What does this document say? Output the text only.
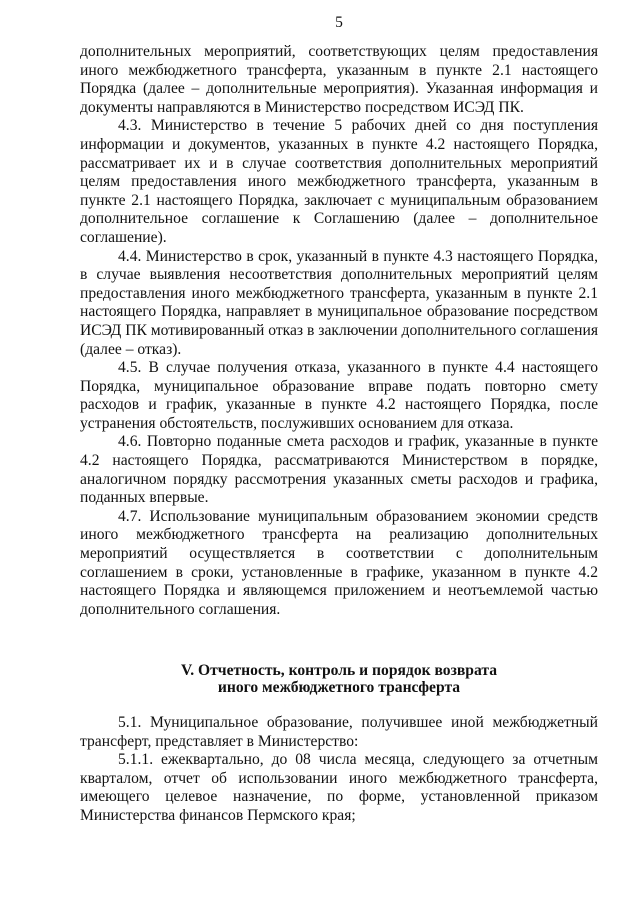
5

дополнительных мероприятий, соответствующих целям предоставления иного межбюджетного трансферта, указанным в пункте 2.1 настоящего Порядка (далее – дополнительные мероприятия). Указанная информация и документы направляются в Министерство посредством ИСЭД ПК.

4.3. Министерство в течение 5 рабочих дней со дня поступления информации и документов, указанных в пункте 4.2 настоящего Порядка, рассматривает их и в случае соответствия дополнительных мероприятий целям предоставления иного межбюджетного трансферта, указанным в пункте 2.1 настоящего Порядка, заключает с муниципальным образованием дополнительное соглашение к Соглашению (далее – дополнительное соглашение).

4.4. Министерство в срок, указанный в пункте 4.3 настоящего Порядка, в случае выявления несоответствия дополнительных мероприятий целям предоставления иного межбюджетного трансферта, указанным в пункте 2.1 настоящего Порядка, направляет в муниципальное образование посредством ИСЭД ПК мотивированный отказ в заключении дополнительного соглашения (далее – отказ).

4.5. В случае получения отказа, указанного в пункте 4.4 настоящего Порядка, муниципальное образование вправе подать повторно смету расходов и график, указанные в пункте 4.2 настоящего Порядка, после устранения обстоятельств, послуживших основанием для отказа.

4.6. Повторно поданные смета расходов и график, указанные в пункте 4.2 настоящего Порядка, рассматриваются Министерством в порядке, аналогичном порядку рассмотрения указанных сметы расходов и графика, поданных впервые.

4.7. Использование муниципальным образованием экономии средств иного межбюджетного трансферта на реализацию дополнительных мероприятий осуществляется в соответствии с дополнительным соглашением в сроки, установленные в графике, указанном в пункте 4.2 настоящего Порядка и являющемся приложением и неотъемлемой частью дополнительного соглашения.

V. Отчетность, контроль и порядок возврата
иного межбюджетного трансферта

5.1. Муниципальное образование, получившее иной межбюджетный трансферт, представляет в Министерство:

5.1.1. ежеквартально, до 08 числа месяца, следующего за отчетным кварталом, отчет об использовании иного межбюджетного трансферта, имеющего целевое назначение, по форме, установленной приказом Министерства финансов Пермского края;
